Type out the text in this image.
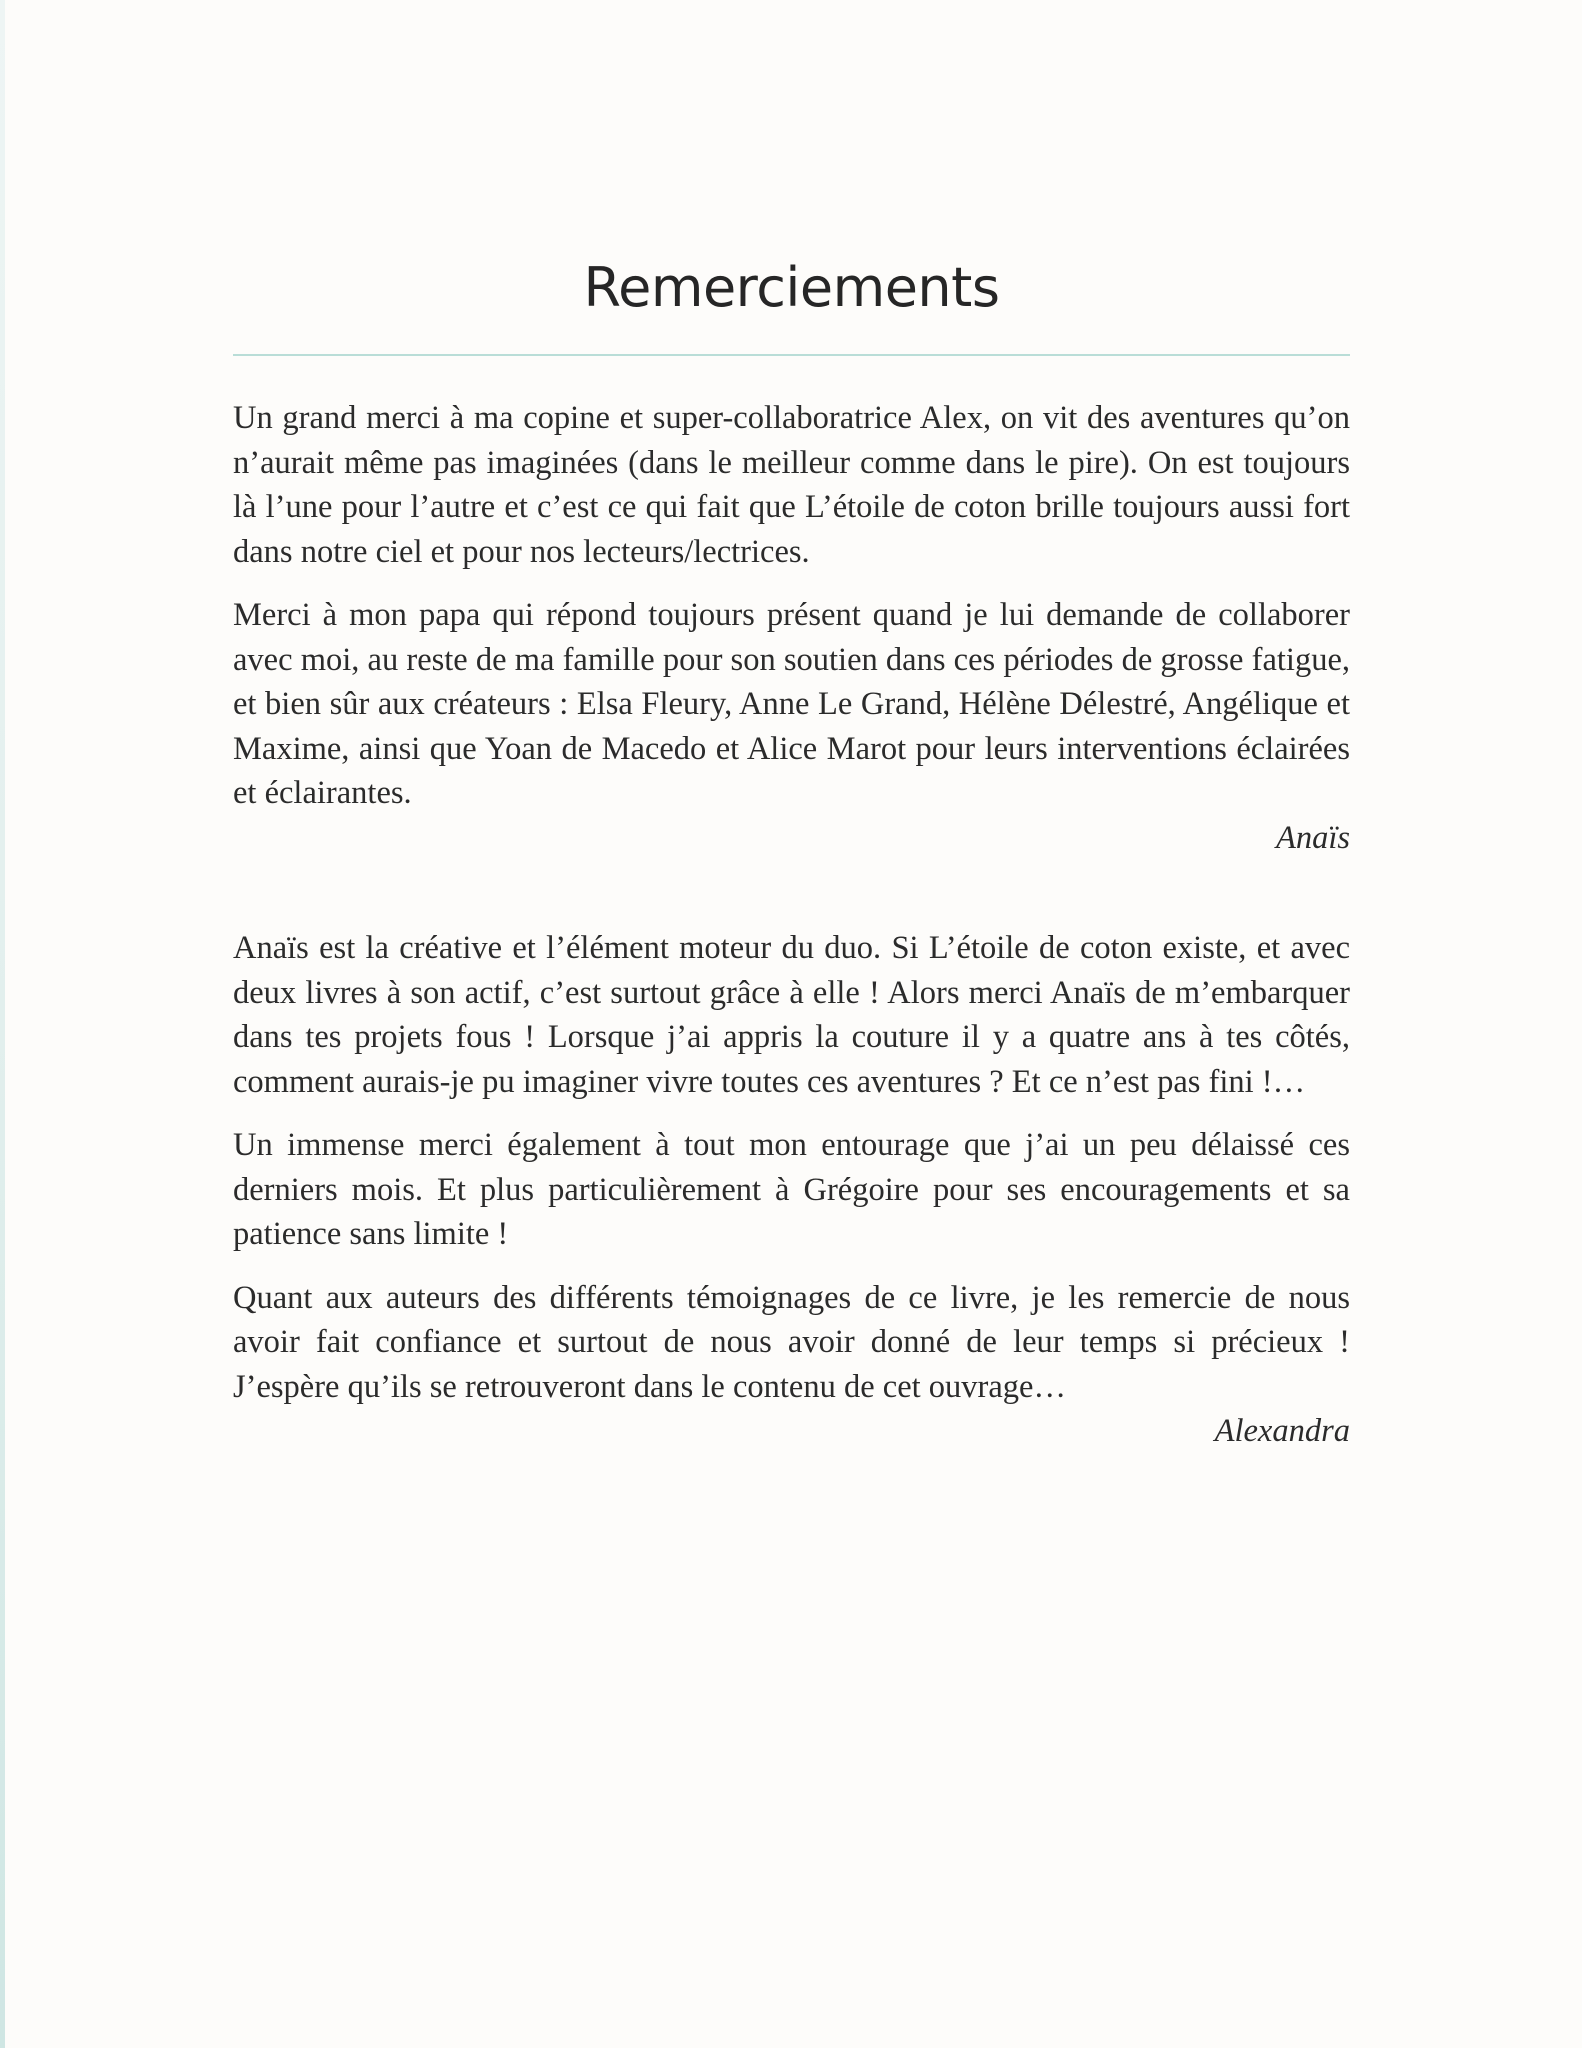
Remerciements

Un grand merci à ma copine et super-collaboratrice Alex, on vit des aventures qu’on n’aurait même pas imaginées (dans le meilleur comme dans le pire). On est toujours là l’une pour l’autre et c’est ce qui fait que L’étoile de coton brille toujours aussi fort dans notre ciel et pour nos lecteurs/lectrices.

Merci à mon papa qui répond toujours présent quand je lui demande de collaborer avec moi, au reste de ma famille pour son soutien dans ces périodes de grosse fatigue, et bien sûr aux créateurs : Elsa Fleury, Anne Le Grand, Hélène Délestré, Angélique et Maxime, ainsi que Yoan de Macedo et Alice Marot pour leurs interventions éclairées et éclairantes.

Anaïs

Anaïs est la créative et l’élément moteur du duo. Si L’étoile de coton existe, et avec deux livres à son actif, c’est surtout grâce à elle ! Alors merci Anaïs de m’embarquer dans tes projets fous ! Lorsque j’ai appris la couture il y a quatre ans à tes côtés, comment aurais-je pu imaginer vivre toutes ces aventures ? Et ce n’est pas fini !…

Un immense merci également à tout mon entourage que j’ai un peu délaissé ces derniers mois. Et plus particulièrement à Grégoire pour ses encouragements et sa patience sans limite !

Quant aux auteurs des différents témoignages de ce livre, je les remercie de nous avoir fait confiance et surtout de nous avoir donné de leur temps si précieux ! J’espère qu’ils se retrouveront dans le contenu de cet ouvrage…

Alexandra
